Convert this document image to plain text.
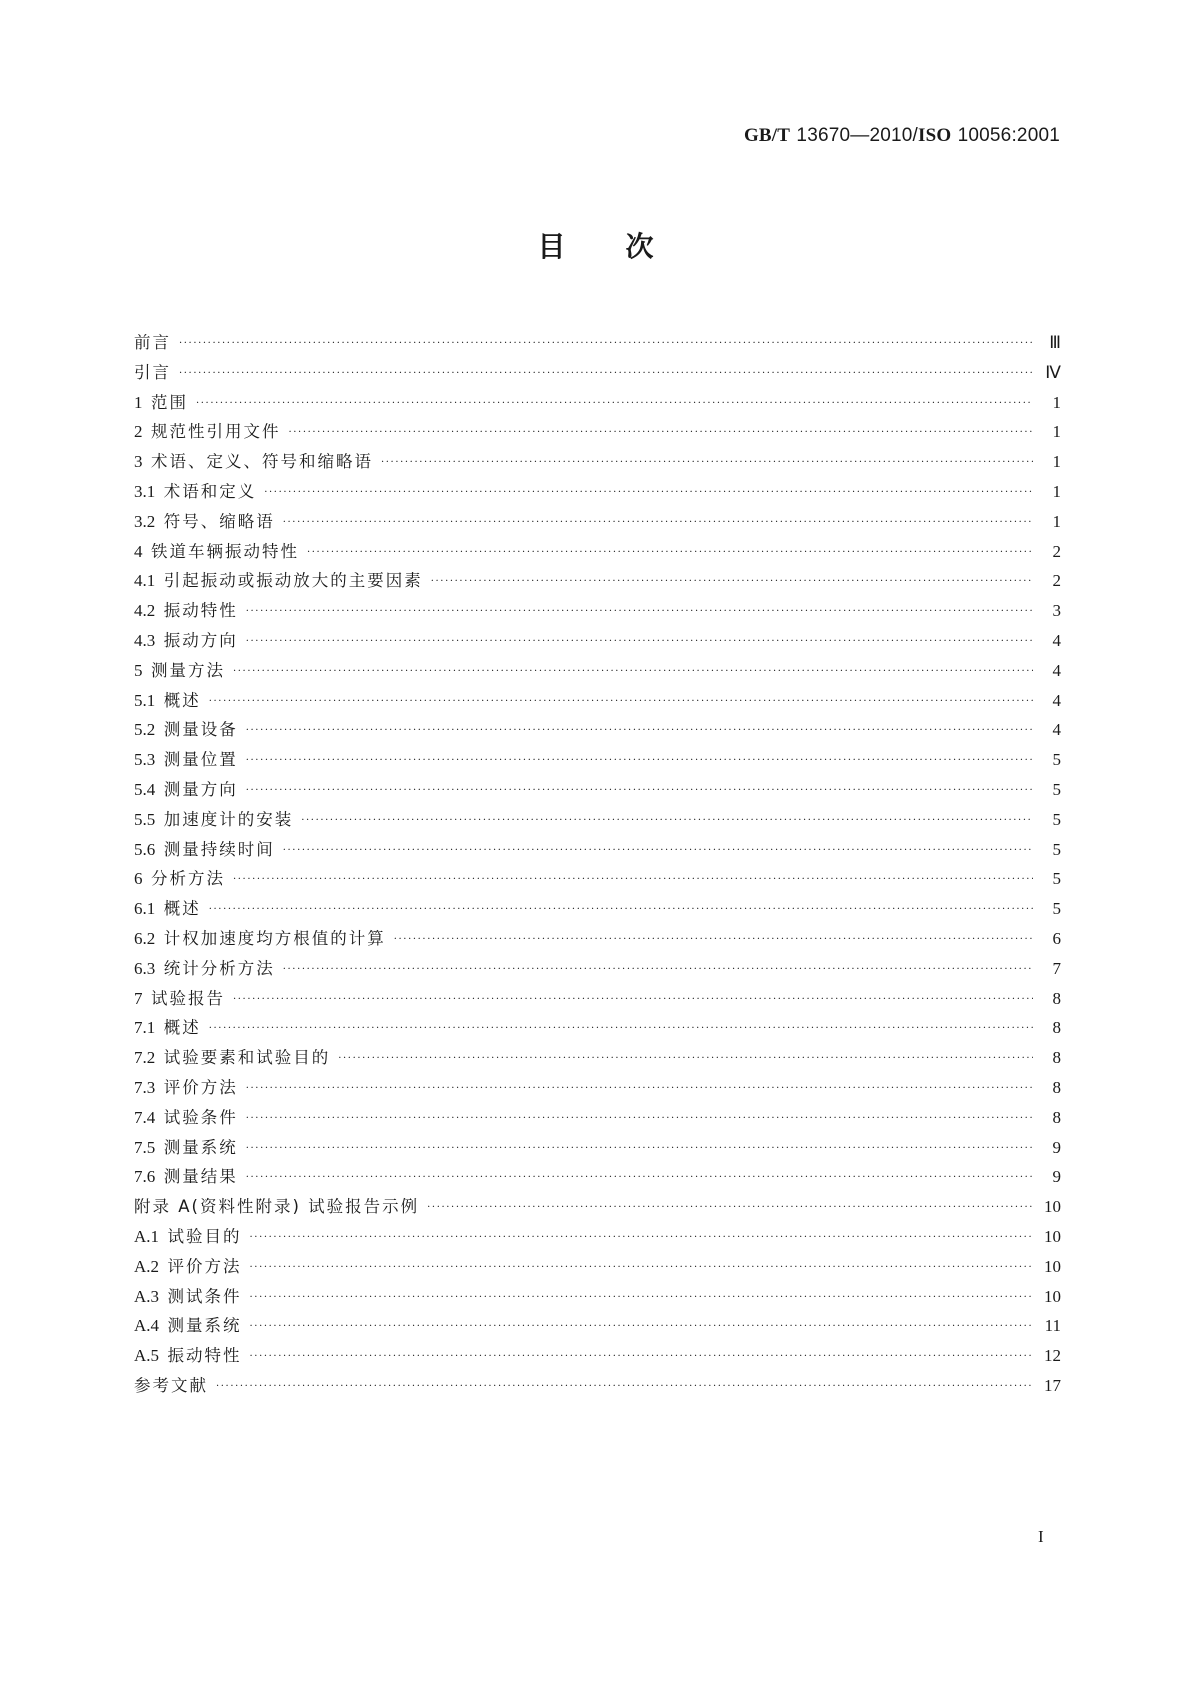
GB/T 13670—2010/ISO 10056:2001
目 次
前言 ·····	Ⅲ
引言 ·····	Ⅳ
1 范围 ·····	1
2 规范性引用文件 ·····	1
3 术语、定义、符号和缩略语 ·····	1
3.1 术语和定义 ·····	1
3.2 符号、缩略语 ·····	1
4 铁道车辆振动特性 ·····	2
4.1 引起振动或振动放大的主要因素 ·····	2
4.2 振动特性 ·····	3
4.3 振动方向 ·····	4
5 测量方法 ·····	4
5.1 概述 ·····	4
5.2 测量设备 ·····	4
5.3 测量位置 ·····	5
5.4 测量方向 ·····	5
5.5 加速度计的安装 ·····	5
5.6 测量持续时间 ·····	5
6 分析方法 ·····	5
6.1 概述 ·····	5
6.2 计权加速度均方根值的计算 ·····	6
6.3 统计分析方法 ·····	7
7 试验报告 ·····	8
7.1 概述 ·····	8
7.2 试验要素和试验目的 ·····	8
7.3 评价方法 ·····	8
7.4 试验条件 ·····	8
7.5 测量系统 ·····	9
7.6 测量结果 ·····	9
附录 A(资料性附录) 试验报告示例 ·····	10
A.1 试验目的 ·····	10
A.2 评价方法 ·····	10
A.3 测试条件 ·····	10
A.4 测量系统 ·····	11
A.5 振动特性 ·····	12
参考文献 ·····	17
I
